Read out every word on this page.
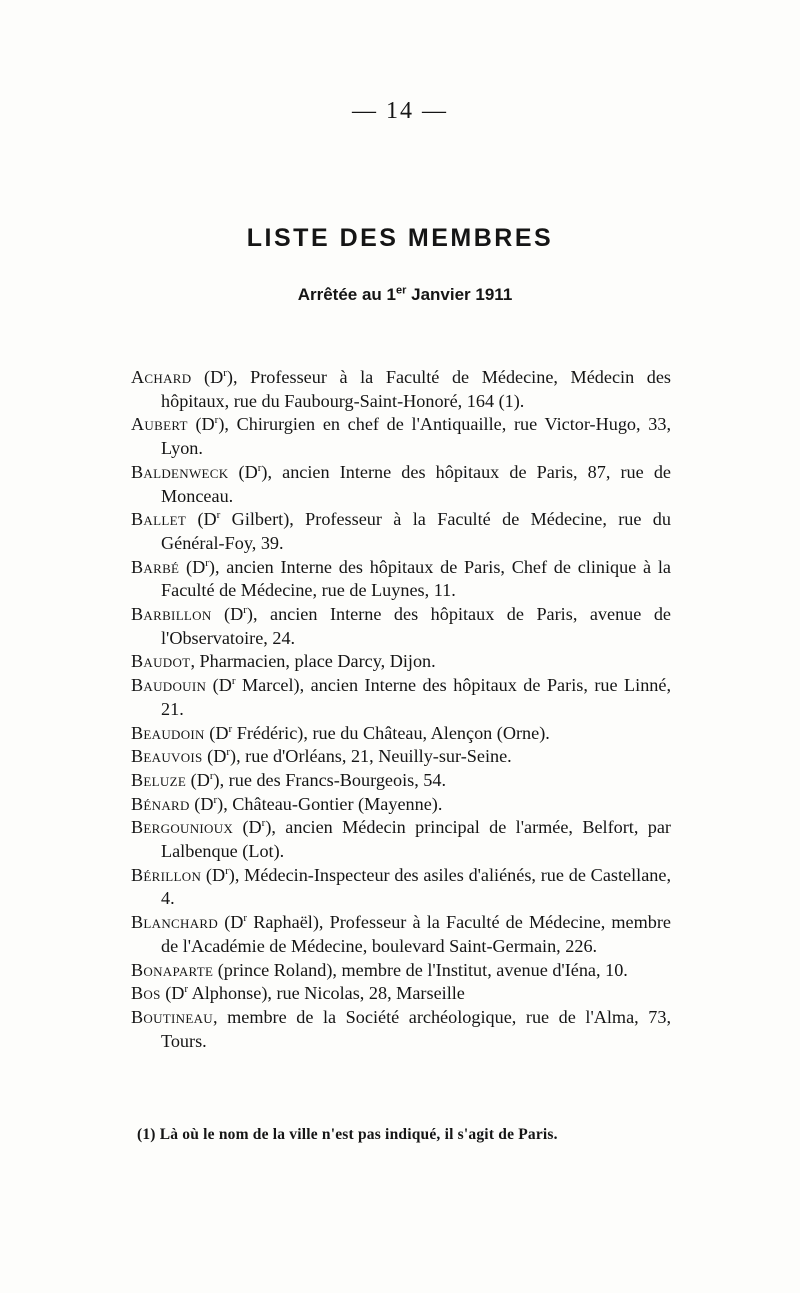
— 14 —
LISTE DES MEMBRES
Arrêtée au 1er Janvier 1911
Achard $(D^r)$, Professeur à la Faculté de Médecine, Médecin des hôpitaux, rue du Faubourg-Saint-Honoré, 164 (1).
Aubert $(D^r)$, Chirurgien en chef de l'Antiquaille, rue Victor-Hugo, 33, Lyon.
Baldenweck $(D^r)$, ancien Interne des hôpitaux de Paris, 87, rue de Monceau.
Ballet ($D^r$ Gilbert), Professeur à la Faculté de Médecine, rue du Général-Foy, 39.
Barbé $(D^r)$, ancien Interne des hôpitaux de Paris, Chef de clinique à la Faculté de Médecine, rue de Luynes, 11.
Barbillon $(D^r)$, ancien Interne des hôpitaux de Paris, avenue de l'Observatoire, 24.
Baudot, Pharmacien, place Darcy, Dijon.
Baudouin ($D^r$ Marcel), ancien Interne des hôpitaux de Paris, rue Linné, 21.
Beaudoin ($D^r$ Frédéric), rue du Château, Alençon (Orne).
Beauvois $(D^r)$, rue d'Orléans, 21, Neuilly-sur-Seine.
Beluze $(D^r)$, rue des Francs-Bourgeois, 54.
Bénard $(D^r)$, Château-Gontier (Mayenne).
Bergounioux $(D^r)$, ancien Médecin principal de l'armée, Belfort, par Lalbenque (Lot).
Bérillon $(D^r)$, Médecin-Inspecteur des asiles d'aliénés, rue de Castellane, 4.
Blanchard ($D^r$ Raphaël), Professeur à la Faculté de Médecine, membre de l'Académie de Médecine, boulevard Saint-Germain, 226.
Bonaparte (prince Roland), membre de l'Institut, avenue d'Iéna, 10.
Bos ($D^r$ Alphonse), rue Nicolas, 28, Marseille
Boutineau, membre de la Société archéologique, rue de l'Alma, 73, Tours.
(1) Là où le nom de la ville n'est pas indiqué, il s'agit de Paris.
